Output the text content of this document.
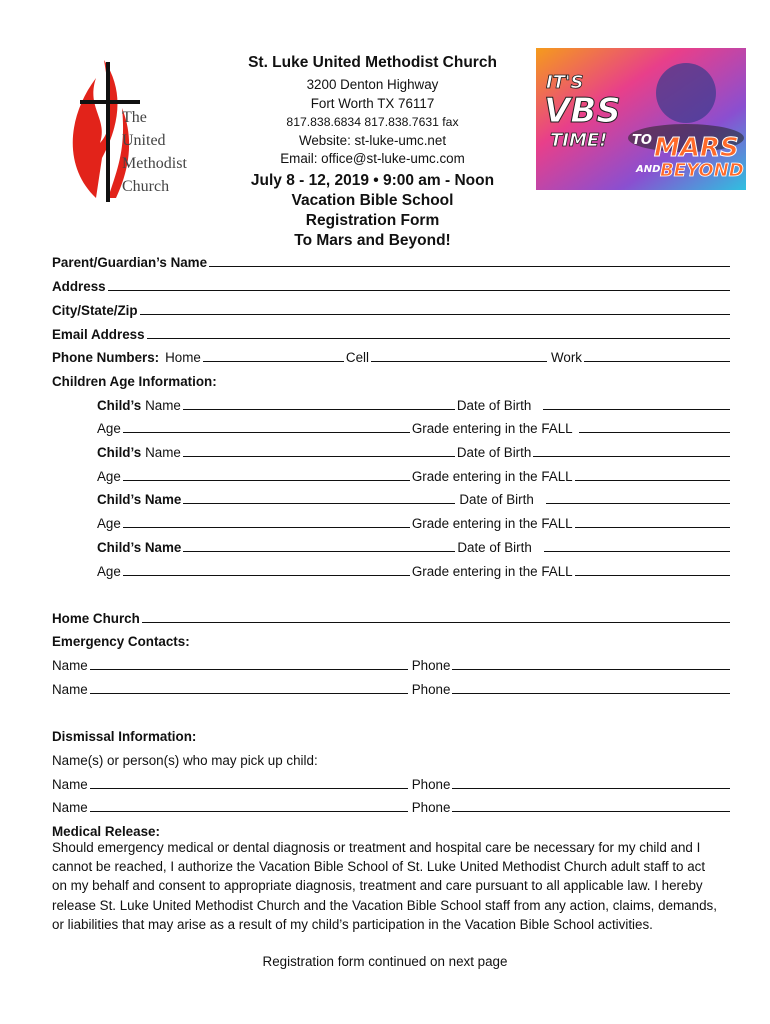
The
United
Methodist
Church
St. Luke United Methodist Church
3200 Denton Highway
Fort Worth TX 76117
817.838.6834 817.838.7631 fax
Website: st-luke-umc.net
Email: office@st-luke-umc.com
July 8 - 12, 2019 • 9:00 am - Noon
Vacation Bible School
Registration Form
To Mars and Beyond!
IT'S
VBS
TIME! TO MARS
AND BEYOND
Parent/Guardian’s Name
Address
City/State/Zip
Email Address
Phone Numbers: Home	Cell	Work
Children Age Information:
Child’s Name	Date of Birth
Age	Grade entering in the FALL
Child’s Name	Date of Birth
Age	Grade entering in the FALL
Child’s Name	Date of Birth
Age	Grade entering in the FALL
Child’s Name	Date of Birth
Age	Grade entering in the FALL
Home Church
Emergency Contacts:
Name	Phone
Name	Phone
Dismissal Information:
Name(s) or person(s) who may pick up child:
Name	Phone
Name	Phone
Medical Release:
Should emergency medical or dental diagnosis or treatment and hospital care be necessary for my child and I
cannot be reached, I authorize the Vacation Bible School of St. Luke United Methodist Church adult staff to act
on my behalf and consent to appropriate diagnosis, treatment and care pursuant to all applicable law. I hereby
release St. Luke United Methodist Church and the Vacation Bible School staff from any action, claims, demands,
or liabilities that may arise as a result of my child’s participation in the Vacation Bible School activities.
Registration form continued on next page
